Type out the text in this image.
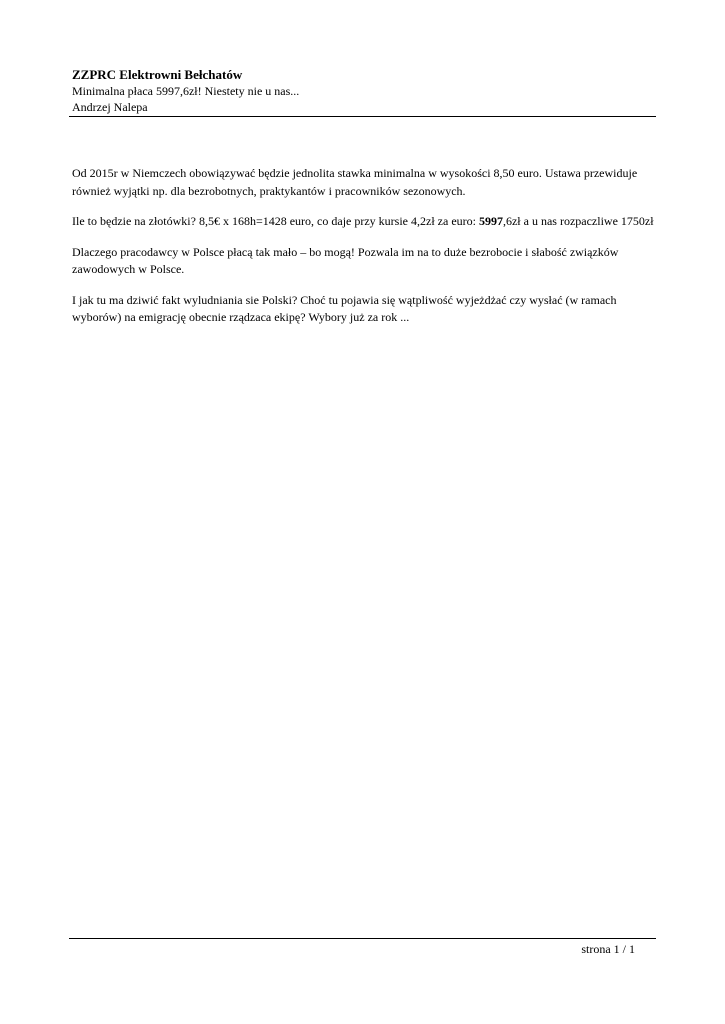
ZZPRC Elektrowni Bełchatów
Minimalna płaca 5997,6zł! Niestety nie u nas...
Andrzej Nalepa

Od 2015r w Niemczech obowiązywać będzie jednolita stawka minimalna w wysokości 8,50 euro. Ustawa przewiduje również wyjątki np. dla bezrobotnych, praktykantów i pracowników sezonowych.

Ile to będzie na złotówki? 8,5€ x 168h=1428 euro, co daje przy kursie 4,2zł za euro: 5997,6zł a u nas rozpaczliwe 1750zł

Dlaczego pracodawcy w Polsce płacą tak mało – bo mogą! Pozwala im na to duże bezrobocie i słabość związków zawodowych w Polsce.

I jak tu ma dziwić fakt wyludniania sie Polski? Choć tu pojawia się wątpliwość wyjeżdżać czy wysłać (w ramach wyborów) na emigrację obecnie rządzaca ekipę? Wybory już za rok ...

strona 1 / 1
